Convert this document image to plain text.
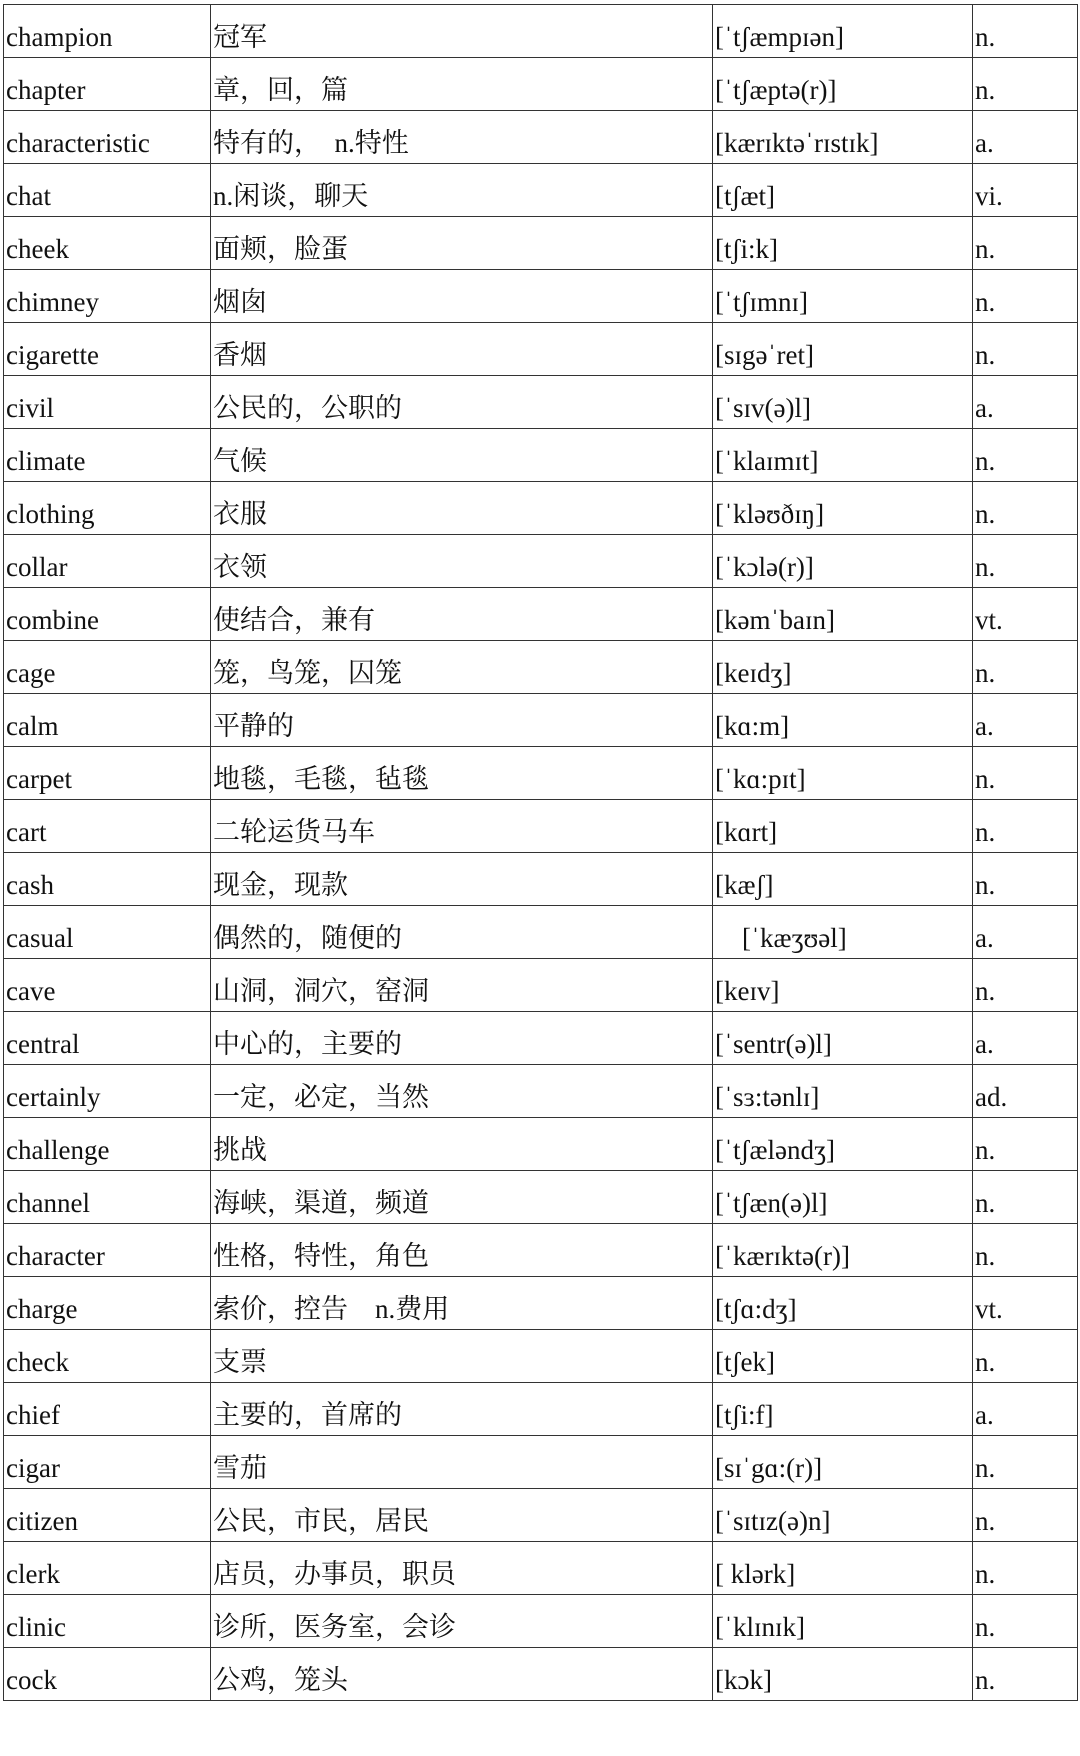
champion	冠军	[ˈtʃæmpɪən]	n.
chapter	章，回，篇	[ˈtʃæptə(r)]	n.
characteristic	特有的，　n.特性	[kærɪktəˈrɪstɪk]	a.
chat	n.闲谈，聊天	[tʃæt]	vi.
cheek	面颊，脸蛋	[tʃi:k]	n.
chimney	烟囱	[ˈtʃɪmnɪ]	n.
cigarette	香烟	[sɪgəˈret]	n.
civil	公民的，公职的	[ˈsɪv(ə)l]	a.
climate	气候	[ˈklaɪmɪt]	n.
clothing	衣服	[ˈkləʊðɪŋ]	n.
collar	衣领	[ˈkɔlə(r)]	n.
combine	使结合，兼有	[kəmˈbaɪn]	vt.
cage	笼，鸟笼，囚笼	[keɪdʒ]	n.
calm	平静的	[kɑ:m]	a.
carpet	地毯，毛毯，毡毯	[ˈkɑ:pɪt]	n.
cart	二轮运货马车	[kɑrt]	n.
cash	现金，现款	[kæʃ]	n.
casual	偶然的，随便的	　[ˈkæʒʊəl]	a.
cave	山洞，洞穴，窑洞	[keɪv]	n.
central	中心的，主要的	[ˈsentr(ə)l]	a.
certainly	一定，必定，当然	[ˈsɜ:tənlɪ]	ad.
challenge	挑战	[ˈtʃæləndʒ]	n.
channel	海峡，渠道，频道	[ˈtʃæn(ə)l]	n.
character	性格，特性，角色	[ˈkærɪktə(r)]	n.
charge	索价，控告　n.费用	[tʃɑ:dʒ]	vt.
check	支票	[tʃek]	n.
chief	主要的，首席的	[tʃi:f]	a.
cigar	雪茄	[sɪˈgɑ:(r)]	n.
citizen	公民，市民，居民	[ˈsɪtɪz(ə)n]	n.
clerk	店员，办事员，职员	[ klərk]	n.
clinic	诊所，医务室，会诊	[ˈklɪnɪk]	n.
cock	公鸡，笼头	[kɔk]	n.
